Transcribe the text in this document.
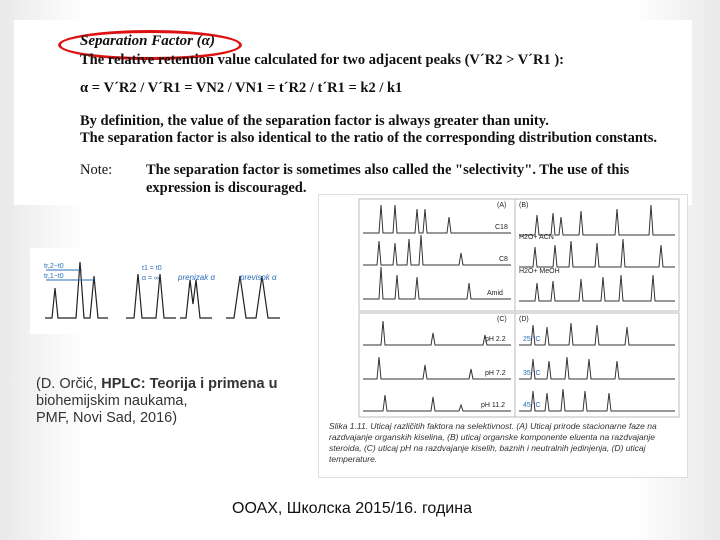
Separation Factor (α)
The relative retention value calculated for two adjacent peaks (V´R2 > V´R1 ):
α = V´R2 / V´R1 = VN2 / VN1 = t´R2 / t´R1 = k2 / k1
By definition, the value of the separation factor is always greater than unity.
The separation factor is also identical to the ratio of the corresponding distribution constants.
Note: The separation factor is sometimes also called the "selectivity". The use of this
expression is discouraged.
tr,2−t0
tr,1−t0
t1 = t0
α = ∞ prenizak α	previsok α
(A) (B)
(C) (D)
C18
C8
Amid
H2O+ ACN
H2O+ MeOH
pH 2.2
pH 7.2
pH 11.2
25 °C
35 °C
45 °C
Slika 1.11. Uticaj različitih faktora na selektivnost. (A) Uticaj prirode stacionarne faze na razdvajanje organskih kiselina, (B) uticaj organske komponente eluenta na razdvajanje steroida, (C) uticaj pH na razdvajanje kiselih, baznih i neutralnih jedinjenja, (D) uticaj temperature.
(D. Orčić, HPLC: Teorija i primena u
biohemijskim naukama,
PMF, Novi Sad, 2016)
ООАХ, Школска 2015/16. година
